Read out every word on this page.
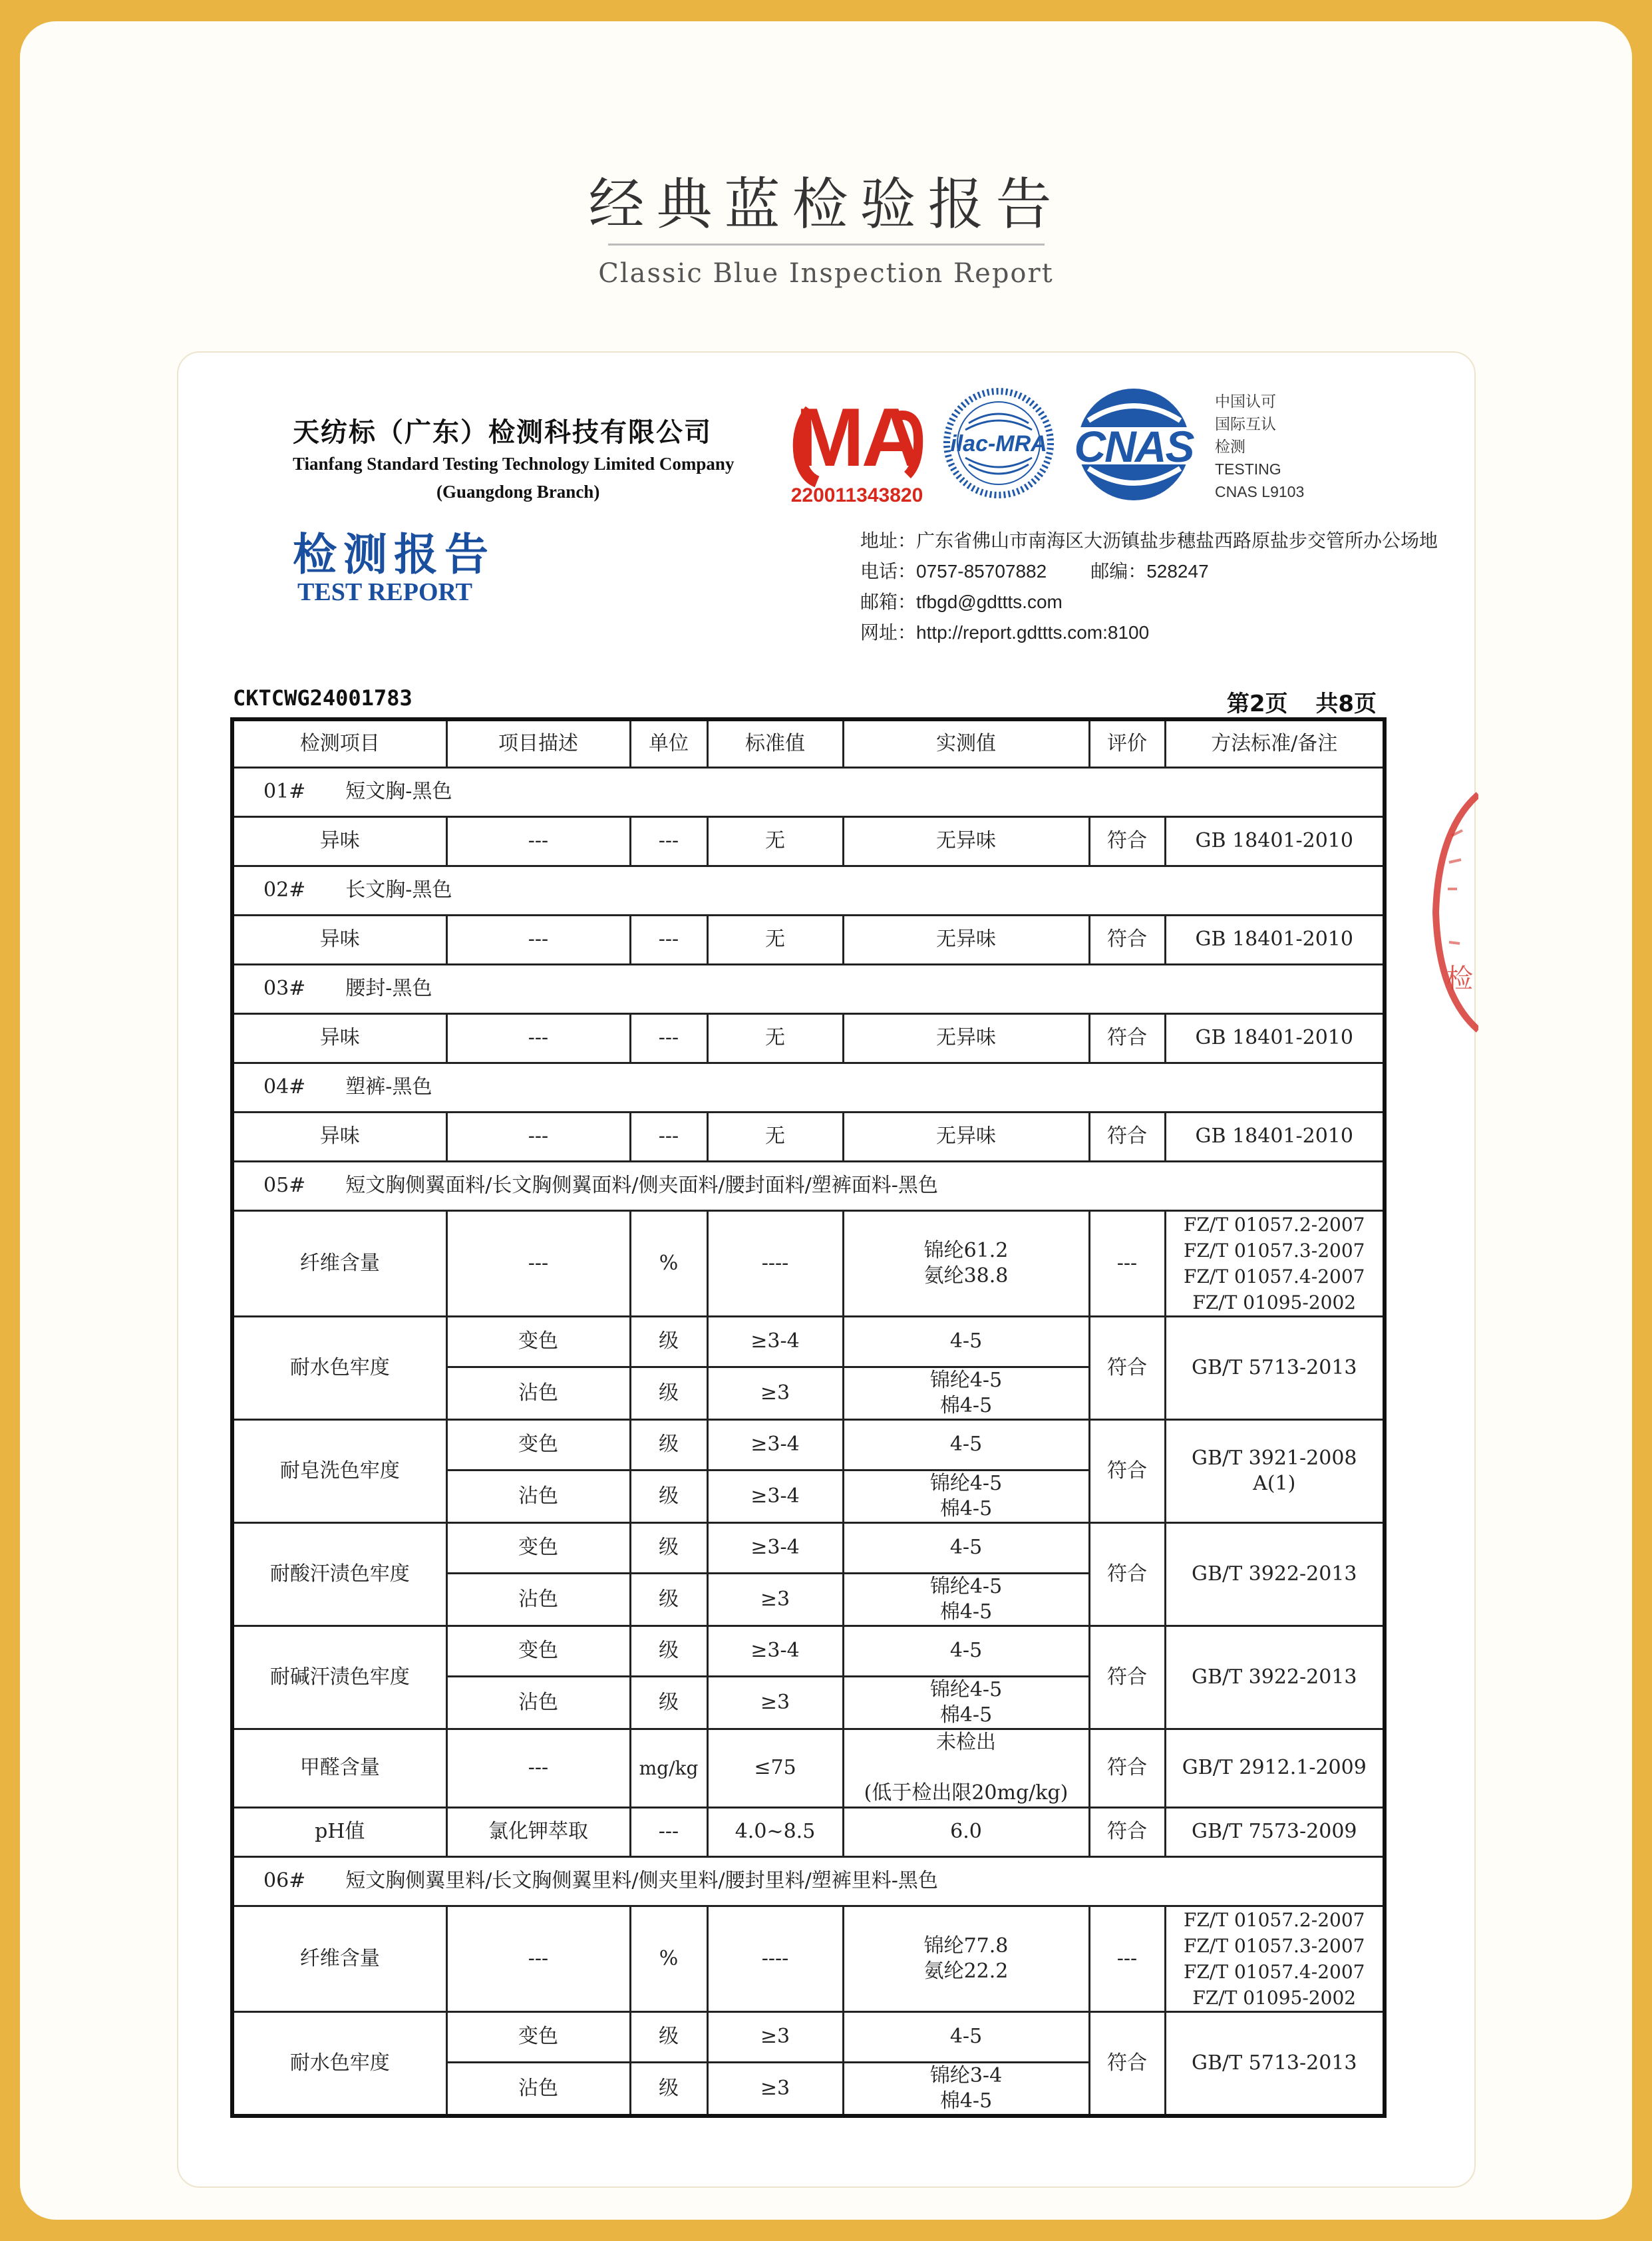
经典蓝检验报告
Classic Blue Inspection Report
天纺标（广东）检测科技有限公司
Tianfang Standard Testing Technology Limited Company
(Guangdong Branch)
检测报告
TEST REPORT
MA
220011343820
ilac-MRA CNAS
中国认可
国际互认
检测
TESTING
CNAS L9103
地址：广东省佛山市南海区大沥镇盐步穗盐西路原盐步交管所办公场地
电话：0757-85707882 邮编：528247
邮箱：tfbgd@gdttts.com
网址：http://report.gdttts.com:8100
CKTCWG24001783	第2页 共8页
检测项目	项目描述	单位	标准值	实测值	评价	方法标准/备注
01#　　短文胸-黑色						
异味	---	---	无	无异味	符合	GB 18401-2010
02#　　长文胸-黑色						
异味	---	---	无	无异味	符合	GB 18401-2010
03#　　腰封-黑色						
异味	---	---	无	无异味	符合	GB 18401-2010
04#　　塑裤-黑色						
异味	---	---	无	无异味	符合	GB 18401-2010
05#　　短文胸侧翼面料/长文胸侧翼面料/侧夹面料/腰封面料/塑裤面料-黑色						
纤维含量	---	%	----	锦纶61.2
氨纶38.8	---	FZ/T 01057.2-2007
FZ/T 01057.3-2007
FZ/T 01057.4-2007
FZ/T 01095-2002
耐水色牢度	变色	级	≥3-4	4-5	符合	GB/T 5713-2013
	沾色	级	≥3	锦纶4-5
棉4-5		
耐皂洗色牢度	变色	级	≥3-4	4-5	符合	GB/T 3921-2008
A(1)
	沾色	级	≥3-4	锦纶4-5
棉4-5		
耐酸汗渍色牢度	变色	级	≥3-4	4-5	符合	GB/T 3922-2013
	沾色	级	≥3	锦纶4-5
棉4-5		
耐碱汗渍色牢度	变色	级	≥3-4	4-5	符合	GB/T 3922-2013
	沾色	级	≥3	锦纶4-5
棉4-5		
甲醛含量	---	mg/kg	≤75	未检出

(低于检出限20mg/kg)	符合	GB/T 2912.1-2009
pH值	氯化钾萃取	---	4.0~8.5	6.0	符合	GB/T 7573-2009
06#　　短文胸侧翼里料/长文胸侧翼里料/侧夹里料/腰封里料/塑裤里料-黑色						
纤维含量	---	%	----	锦纶77.8
氨纶22.2	---	FZ/T 01057.2-2007
FZ/T 01057.3-2007
FZ/T 01057.4-2007
FZ/T 01095-2002
耐水色牢度	变色	级	≥3	4-5	符合	GB/T 5713-2013
	沾色	级	≥3	锦纶3-4
棉4-5		
检
